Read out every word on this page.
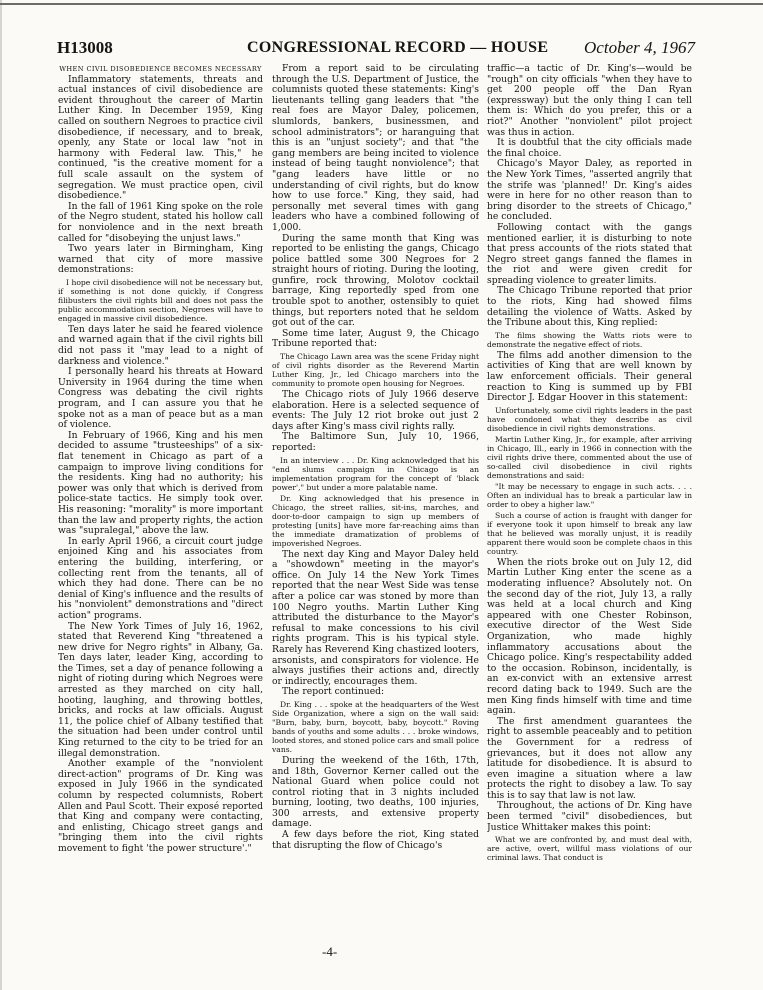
H13008	CONGRESSIONAL RECORD — HOUSE October 4, 1967

WHEN CIVIL DISOBEDIENCE BECOMES NECESSARY

Inflammatory statements, threats and actual instances of civil disobedience are evident throughout the career of Martin Luther King. In December 1959, King called on southern Negroes to practice civil disobedience, if necessary, and to break, openly, any State or local law "not in harmony with Federal law. This," he continued, "is the creative moment for a full scale assault on the system of segregation. We must practice open, civil disobedience."

In the fall of 1961 King spoke on the role of the Negro student, stated his hollow call for nonviolence and in the next breath called for "disobeying the unjust laws."

Two years later in Birmingham, King warned that city of more massive demonstrations:

I hope civil disobedience will not be necessary but, if something is not done quickly, if Congress filibusters the civil rights bill and does not pass the public accommodation section, Negroes will have to engaged in massive civil disobedience.

Ten days later he said he feared violence and warned again that if the civil rights bill did not pass it "may lead to a night of darkness and violence."

I personally heard his threats at Howard University in 1964 during the time when Congress was debating the civil rights program, and I can assure you that he spoke not as a man of peace but as a man of violence.

In February of 1966, King and his men decided to assume "trusteeships" of a six-flat tenement in Chicago as part of a campaign to improve living conditions for the residents. King had no authority; his power was only that which is derived from police-state tactics. He simply took over. His reasoning: "morality" is more important than the law and property rights, the action was "supralegal," above the law.

In early April 1966, a circuit court judge enjoined King and his associates from entering the building, interfering, or collecting rent from the tenants, all of which they had done. There can be no denial of King's influence and the results of his "nonviolent" demonstrations and "direct action" programs.

The New York Times of July 16, 1962, stated that Reverend King "threatened a new drive for Negro rights" in Albany, Ga. Ten days later, leader King, according to the Times, set a day of penance following a night of rioting during which Negroes were arrested as they marched on city hall, hooting, laughing, and throwing bottles, bricks, and rocks at law officials. August 11, the police chief of Albany testified that the situation had been under control until King returned to the city to be tried for an illegal demonstration.

Another example of the "nonviolent direct-action" programs of Dr. King was exposed in July 1966 in the syndicated column by respected columnists, Robert Allen and Paul Scott. Their exposé reported that King and company were contacting, and enlisting, Chicago street gangs and "bringing them into the civil rights movement to fight 'the power structure'."

From a report said to be circulating through the U.S. Department of Justice, the columnists quoted these statements: King's lieutenants telling gang leaders that "the real foes are Mayor Daley, policemen, slumlords, bankers, businessmen, and school administrators"; or haranguing that this is an "unjust society"; and that "the gang members are being incited to violence instead of being taught nonviolence"; that "gang leaders have little or no understanding of civil rights, but do know how to use force." King, they said, had personally met several times with gang leaders who have a combined following of 1,000.

During the same month that King was reported to be enlisting the gangs, Chicago police battled some 300 Negroes for 2 straight hours of rioting. During the looting, gunfire, rock throwing, Molotov cocktail barrage, King reportedly sped from one trouble spot to another, ostensibly to quiet things, but reporters noted that he seldom got out of the car.

Some time later, August 9, the Chicago Tribune reported that:

The Chicago Lawn area was the scene Friday night of civil rights disorder as the Reverend Martin Luther King, Jr., led Chicago marchers into the community to promote open housing for Negroes.

The Chicago riots of July 1966 deserve elaboration. Here is a selected sequence of events: The July 12 riot broke out just 2 days after King's mass civil rights rally.

The Baltimore Sun, July 10, 1966, reported:

In an interview . . . Dr. King acknowledged that his "end slums campaign in Chicago is an implementation program for the concept of 'black power'," but under a more palatable name.

Dr. King acknowledged that his presence in Chicago, the street rallies, sit-ins, marches, and door-to-door campaign to sign up members of protesting [units] have more far-reaching aims than the immediate dramatization of problems of impoverished Negroes.

The next day King and Mayor Daley held a "showdown" meeting in the mayor's office. On July 14 the New York Times reported that the near West Side was tense after a police car was stoned by more than 100 Negro youths. Martin Luther King attributed the disturbance to the Mayor's refusal to make concessions to his civil rights program. This is his typical style. Rarely has Reverend King chastized looters, arsonists, and conspirators for violence. He always justifies their actions and, directly or indirectly, encourages them.

The report continued:

Dr. King . . . spoke at the headquarters of the West Side Organization, where a sign on the wall said: "Burn, baby, burn, boycott, baby, boycott." Roving bands of youths and some adults . . . broke windows, looted stores, and stoned police cars and small police vans.

During the weekend of the 16th, 17th, and 18th, Governor Kerner called out the National Guard when police could not control rioting that in 3 nights included burning, looting, two deaths, 100 injuries, 300 arrests, and extensive property damage.

A few days before the riot, King stated that disrupting the flow of Chicago's

traffic—a tactic of Dr. King's—would be "rough" on city officials "when they have to get 200 people off the Dan Ryan (expressway) but the only thing I can tell them is: Which do you prefer, this or a riot?" Another "nonviolent" pilot project was thus in action.

It is doubtful that the city officials made the final choice.

Chicago's Mayor Daley, as reported in the New York Times, "asserted angrily that the strife was 'planned!' Dr. King's aides were in here for no other reason than to bring disorder to the streets of Chicago," he concluded.

Following contact with the gangs mentioned earlier, it is disturbing to note that press accounts of the riots stated that Negro street gangs fanned the flames in the riot and were given credit for spreading violence to greater limits.

The Chicago Tribune reported that prior to the riots, King had showed films detailing the violence of Watts. Asked by the Tribune about this, King replied:

The films showing the Watts riots were to demonstrate the negative effect of riots.

The films add another dimension to the activities of King that are well known by law enforcement officials. Their general reaction to King is summed up by FBI Director J. Edgar Hoover in this statement:

Unfortunately, some civil rights leaders in the past have condoned what they describe as civil disobedience in civil rights demonstrations.

Martin Luther King, Jr., for example, after arriving in Chicago, Ill., early in 1966 in connection with the civil rights drive there, commented about the use of so-called civil disobedience in civil rights demonstrations and said:

"It may be necessary to engage in such acts. . . . Often an individual has to break a particular law in order to obey a higher law."

Such a course of action is fraught with danger for if everyone took it upon himself to break any law that he believed was morally unjust, it is readily apparent there would soon be complete chaos in this country.

When the riots broke out on July 12, did Martin Luther King enter the scene as a moderating influence? Absolutely not. On the second day of the riot, July 13, a rally was held at a local church and King appeared with one Chester Robinson, executive director of the West Side Organization, who made highly inflammatory accusations about the Chicago police. King's respectability added to the occasion. Robinson, incidentally, is an ex-convict with an extensive arrest record dating back to 1949. Such are the men King finds himself with time and time again.

The first amendment guarantees the right to assemble peaceably and to petition the Government for a redress of grievances, but it does not allow any latitude for disobedience. It is absurd to even imagine a situation where a law protects the right to disobey a law. To say this is to say that law is not law.

Throughout, the actions of Dr. King have been termed "civil" disobediences, but Justice Whittaker makes this point:

What we are confronted by, and must deal with, are active, overt, willful mass violations of our criminal laws. That conduct is

-4-
